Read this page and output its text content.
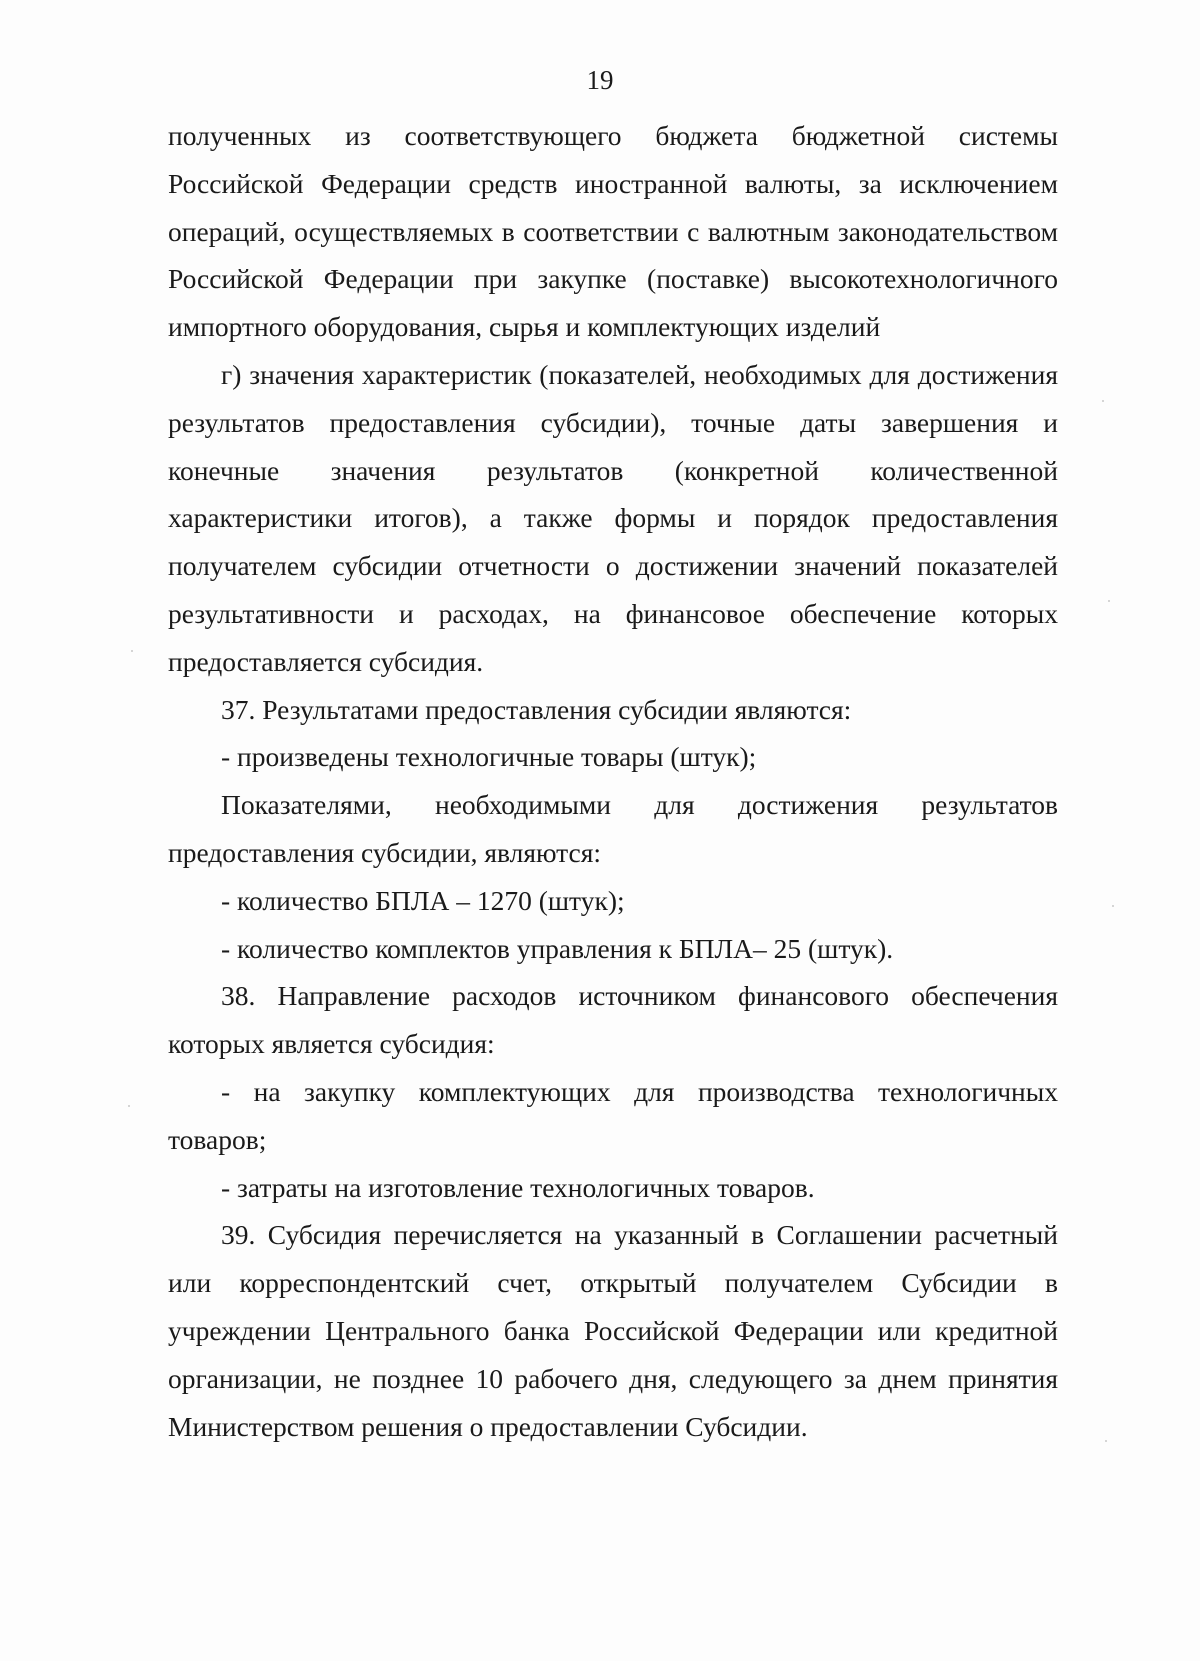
19

полученных из соответствующего бюджета бюджетной системы Российской Федерации средств иностранной валюты, за исключением операций, осуществляемых в соответствии с валютным законодательством Российской Федерации при закупке (поставке) высокотехнологичного импортного оборудования, сырья и комплектующих изделий

г) значения характеристик (показателей, необходимых для достижения результатов предоставления субсидии), точные даты завершения и конечные значения результатов (конкретной количественной характеристики итогов), а также формы и порядок предоставления получателем субсидии отчетности о достижении значений показателей результативности и расходах, на финансовое обеспечение которых предоставляется субсидия.

37. Результатами предоставления субсидии являются:

- произведены технологичные товары (штук);

Показателями, необходимыми для достижения результатов предоставления субсидии, являются:

- количество БПЛА – 1270 (штук);

- количество комплектов управления к БПЛА– 25 (штук).

38. Направление расходов источником финансового обеспечения которых является субсидия:

- на закупку комплектующих для производства технологичных товаров;

- затраты на изготовление технологичных товаров.

39. Субсидия перечисляется на указанный в Соглашении расчетный или корреспондентский счет, открытый получателем Субсидии в учреждении Центрального банка Российской Федерации или кредитной организации, не позднее 10 рабочего дня, следующего за днем принятия Министерством решения о предоставлении Субсидии.
